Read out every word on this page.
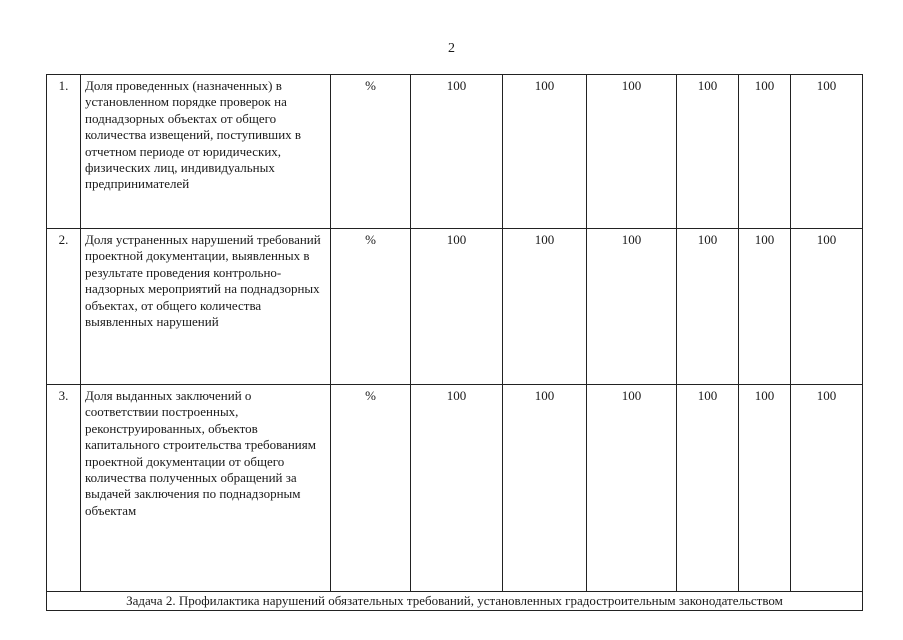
2
1.	Доля проведенных (назначенных) в установленном порядке проверок на поднадзорных объектах от общего количества извещений, поступивших в отчетном периоде от юридических, физических лиц, индивидуальных предпринимателей	%	100	100	100	100	100	100
2.	Доля устраненных нарушений требований проектной документации, выявленных в результате проведения контрольно-надзорных мероприятий на поднадзорных объектах, от общего количества выявленных нарушений	%	100	100	100	100	100	100
3.	Доля выданных заключений о соответствии построенных, реконструированных, объектов капитального строительства требованиям проектной документации от общего количества полученных обращений за выдачей заключения по поднадзорным объектам	%	100	100	100	100	100	100
Задача 2. Профилактика нарушений обязательных требований, установленных градостроительным законодательством								
